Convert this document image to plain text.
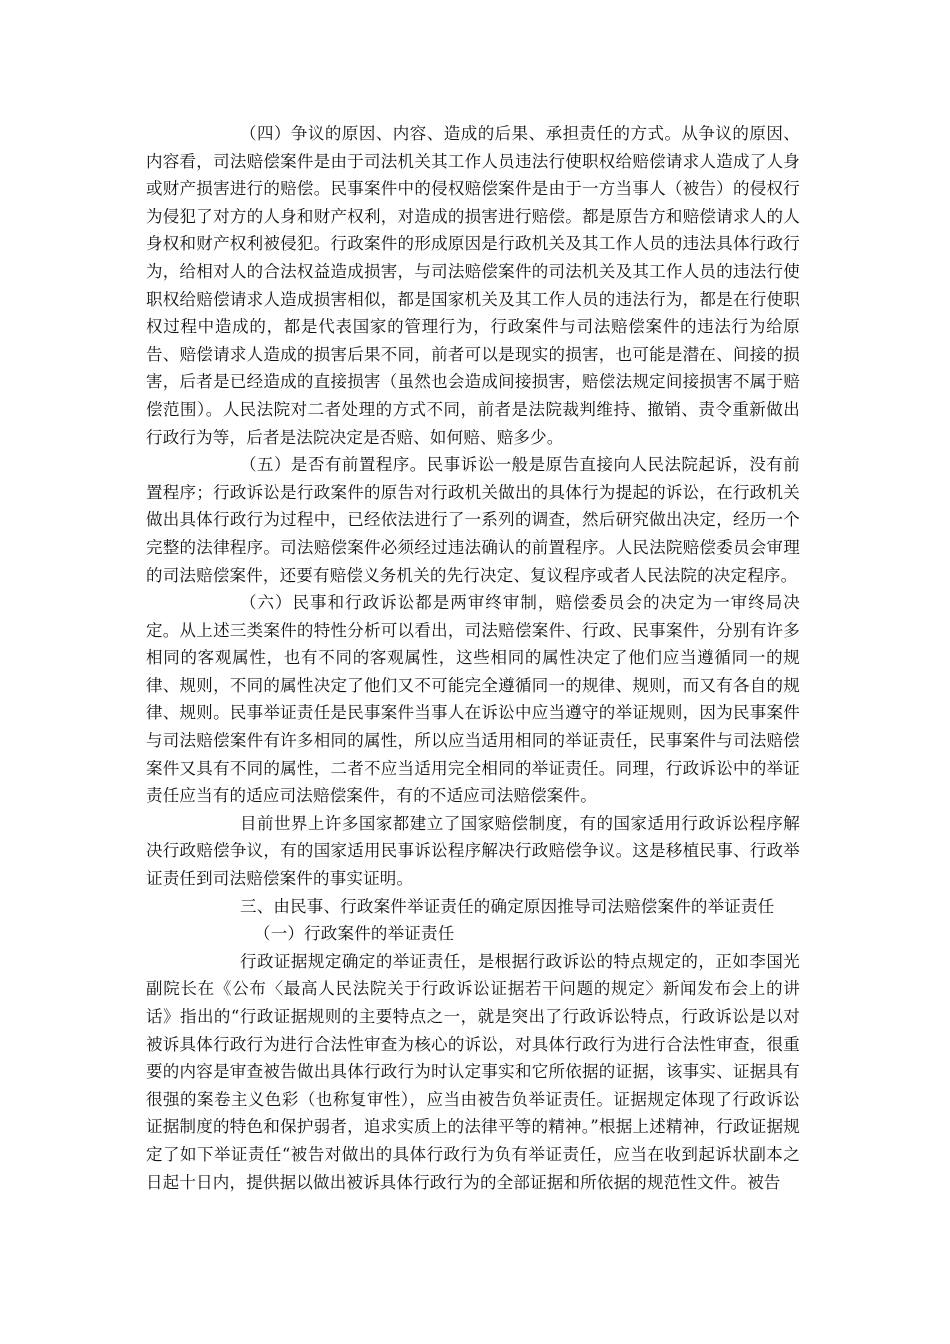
（四）争议的原因、内容、造成的后果、承担责任的方式。从争议的原因、内容看，司法赔偿案件是由于司法机关其工作人员违法行使职权给赔偿请求人造成了人身或财产损害进行的赔偿。民事案件中的侵权赔偿案件是由于一方当事人（被告）的侵权行为侵犯了对方的人身和财产权利，对造成的损害进行赔偿。都是原告方和赔偿请求人的人身权和财产权利被侵犯。行政案件的形成原因是行政机关及其工作人员的违法具体行政行为，给相对人的合法权益造成损害，与司法赔偿案件的司法机关及其工作人员的违法行使职权给赔偿请求人造成损害相似，都是国家机关及其工作人员的违法行为，都是在行使职权过程中造成的，都是代表国家的管理行为，行政案件与司法赔偿案件的违法行为给原告、赔偿请求人造成的损害后果不同，前者可以是现实的损害，也可能是潜在、间接的损害，后者是已经造成的直接损害（虽然也会造成间接损害，赔偿法规定间接损害不属于赔偿范围）。人民法院对二者处理的方式不同，前者是法院裁判维持、撤销、责令重新做出行政行为等，后者是法院决定是否赔、如何赔、赔多少。

（五）是否有前置程序。民事诉讼一般是原告直接向人民法院起诉，没有前置程序；行政诉讼是行政案件的原告对行政机关做出的具体行为提起的诉讼，在行政机关做出具体行政行为过程中，已经依法进行了一系列的调查，然后研究做出决定，经历一个完整的法律程序。司法赔偿案件必须经过违法确认的前置程序。人民法院赔偿委员会审理的司法赔偿案件，还要有赔偿义务机关的先行决定、复议程序或者人民法院的决定程序。

（六）民事和行政诉讼都是两审终审制，赔偿委员会的决定为一审终局决定。从上述三类案件的特性分析可以看出，司法赔偿案件、行政、民事案件，分别有许多相同的客观属性，也有不同的客观属性，这些相同的属性决定了他们应当遵循同一的规律、规则，不同的属性决定了他们又不可能完全遵循同一的规律、规则，而又有各自的规律、规则。民事举证责任是民事案件当事人在诉讼中应当遵守的举证规则，因为民事案件与司法赔偿案件有许多相同的属性，所以应当适用相同的举证责任，民事案件与司法赔偿案件又具有不同的属性，二者不应当适用完全相同的举证责任。同理，行政诉讼中的举证责任应当有的适应司法赔偿案件，有的不适应司法赔偿案件。

目前世界上许多国家都建立了国家赔偿制度，有的国家适用行政诉讼程序解决行政赔偿争议，有的国家适用民事诉讼程序解决行政赔偿争议。这是移植民事、行政举证责任到司法赔偿案件的事实证明。

三、由民事、行政案件举证责任的确定原因推导司法赔偿案件的举证责任

（一）行政案件的举证责任

行政证据规定确定的举证责任，是根据行政诉讼的特点规定的，正如李国光副院长在《公布〈最高人民法院关于行政诉讼证据若干问题的规定〉新闻发布会上的讲话》指出的“行政证据规则的主要特点之一，就是突出了行政诉讼特点，行政诉讼是以对被诉具体行政行为进行合法性审查为核心的诉讼，对具体行政行为进行合法性审查，很重要的内容是审查被告做出具体行政行为时认定事实和它所依据的证据，该事实、证据具有很强的案卷主义色彩（也称复审性），应当由被告负举证责任。证据规定体现了行政诉讼证据制度的特色和保护弱者，追求实质上的法律平等的精神。”根据上述精神，行政证据规定了如下举证责任“被告对做出的具体行政行为负有举证责任，应当在收到起诉状副本之日起十日内，提供据以做出被诉具体行政行为的全部证据和所依据的规范性文件。被告
